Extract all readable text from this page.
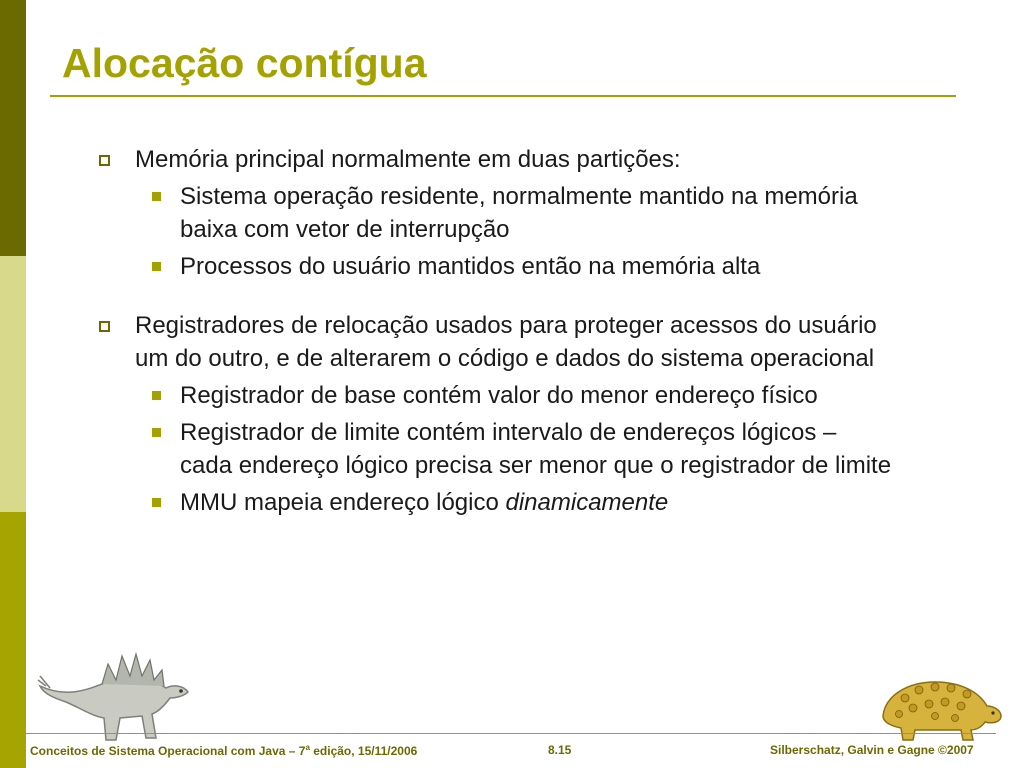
Alocação contígua
Memória principal normalmente em duas partições:
Sistema operação residente, normalmente mantido na memória baixa com vetor de interrupção
Processos do usuário mantidos então na memória alta
Registradores de relocação usados para proteger acessos do usuário um do outro, e de alterarem o código e dados do sistema operacional
Registrador de base contém valor do menor endereço físico
Registrador de limite contém intervalo de endereços lógicos – cada endereço lógico precisa ser menor que o registrador de limite
MMU mapeia endereço lógico dinamicamente
Conceitos de Sistema Operacional com Java – 7$^a$ edição, 15/11/2006	8.15	Silberschatz, Galvin e Gagne ©2007
